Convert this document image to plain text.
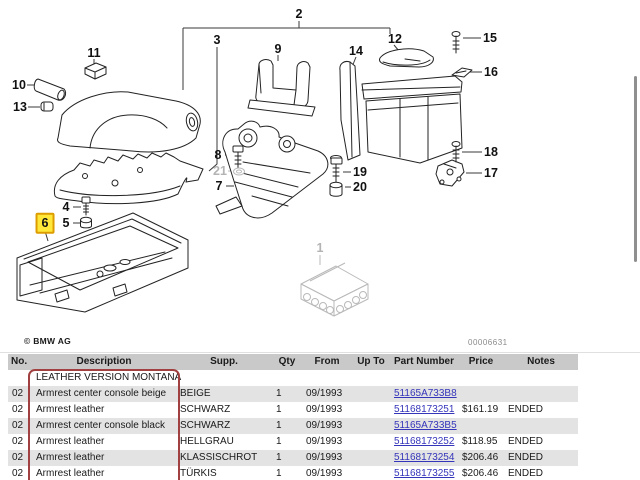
2
3
9	14
12	15
16
11
10
13
8
21
7
19
20
18
17
4
5
6
1
© BMW AG	00006631
No.	Description	Supp.	Qty	From	Up To	Part Number	Price	Notes
	LEATHER VERSION MONTANA							
02	Armrest center console beige	BEIGE	1	09/1993		51165A733B8		
02	Armrest leather	SCHWARZ	1	09/1993		51168173251	$161.19	ENDED
02	Armrest center console black	SCHWARZ	1	09/1993		51165A733B5		
02	Armrest leather	HELLGRAU	1	09/1993		51168173252	$118.95	ENDED
02	Armrest leather	KLASSISCHROT	1	09/1993		51168173254	$206.46	ENDED
02	Armrest leather	TÜRKIS	1	09/1993		51168173255	$206.46	ENDED
